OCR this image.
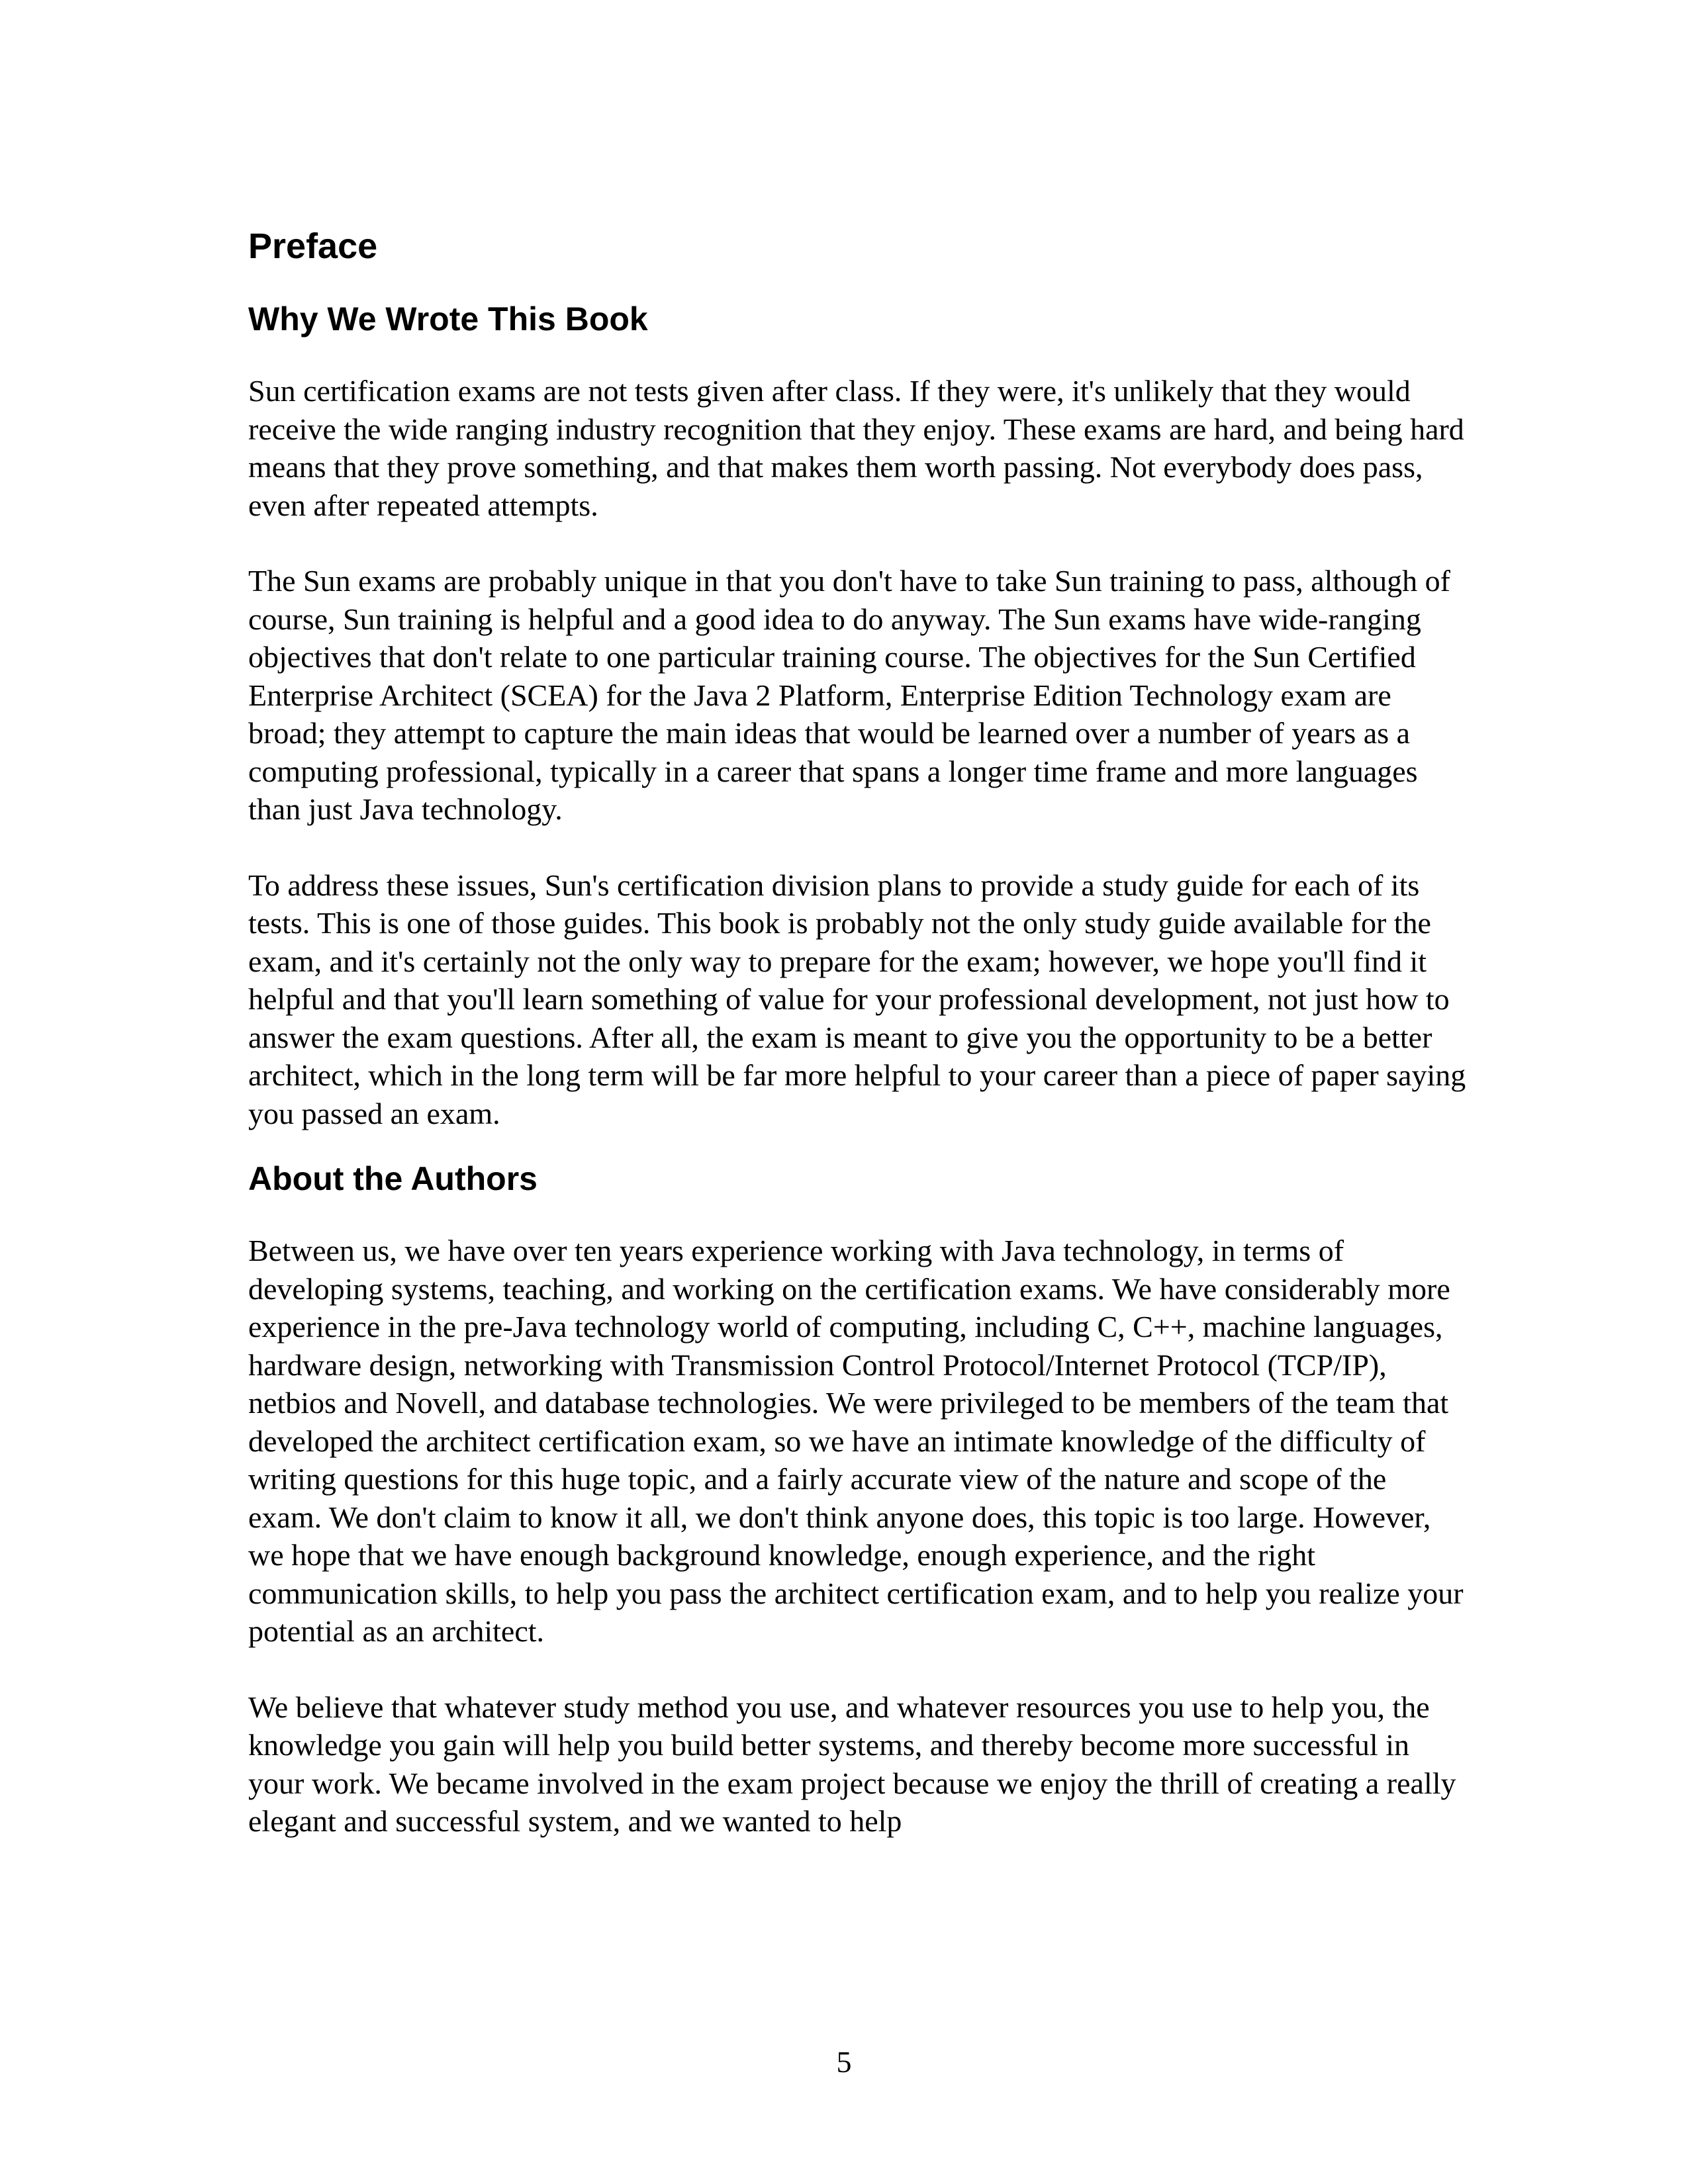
Preface
Why We Wrote This Book

Sun certification exams are not tests given after class. If they were, it's unlikely that they would receive the wide ranging industry recognition that they enjoy. These exams are hard, and being hard means that they prove something, and that makes them worth passing. Not everybody does pass, even after repeated attempts.

The Sun exams are probably unique in that you don't have to take Sun training to pass, although of course, Sun training is helpful and a good idea to do anyway. The Sun exams have wide-ranging objectives that don't relate to one particular training course. The objectives for the Sun Certified Enterprise Architect (SCEA) for the Java 2 Platform, Enterprise Edition Technology exam are broad; they attempt to capture the main ideas that would be learned over a number of years as a computing professional, typically in a career that spans a longer time frame and more languages than just Java technology.

To address these issues, Sun's certification division plans to provide a study guide for each of its tests. This is one of those guides. This book is probably not the only study guide available for the exam, and it's certainly not the only way to prepare for the exam; however, we hope you'll find it helpful and that you'll learn something of value for your professional development, not just how to answer the exam questions. After all, the exam is meant to give you the opportunity to be a better architect, which in the long term will be far more helpful to your career than a piece of paper saying you passed an exam.

About the Authors

Between us, we have over ten years experience working with Java technology, in terms of developing systems, teaching, and working on the certification exams. We have considerably more experience in the pre-Java technology world of computing, including C, C++, machine languages, hardware design, networking with Transmission Control Protocol/Internet Protocol (TCP/IP), netbios and Novell, and database technologies. We were privileged to be members of the team that developed the architect certification exam, so we have an intimate knowledge of the difficulty of writing questions for this huge topic, and a fairly accurate view of the nature and scope of the exam. We don't claim to know it all, we don't think anyone does, this topic is too large. However, we hope that we have enough background knowledge, enough experience, and the right communication skills, to help you pass the architect certification exam, and to help you realize your potential as an architect.

We believe that whatever study method you use, and whatever resources you use to help you, the knowledge you gain will help you build better systems, and thereby become more successful in your work. We became involved in the exam project because we enjoy the thrill of creating a really elegant and successful system, and we wanted to help

5
